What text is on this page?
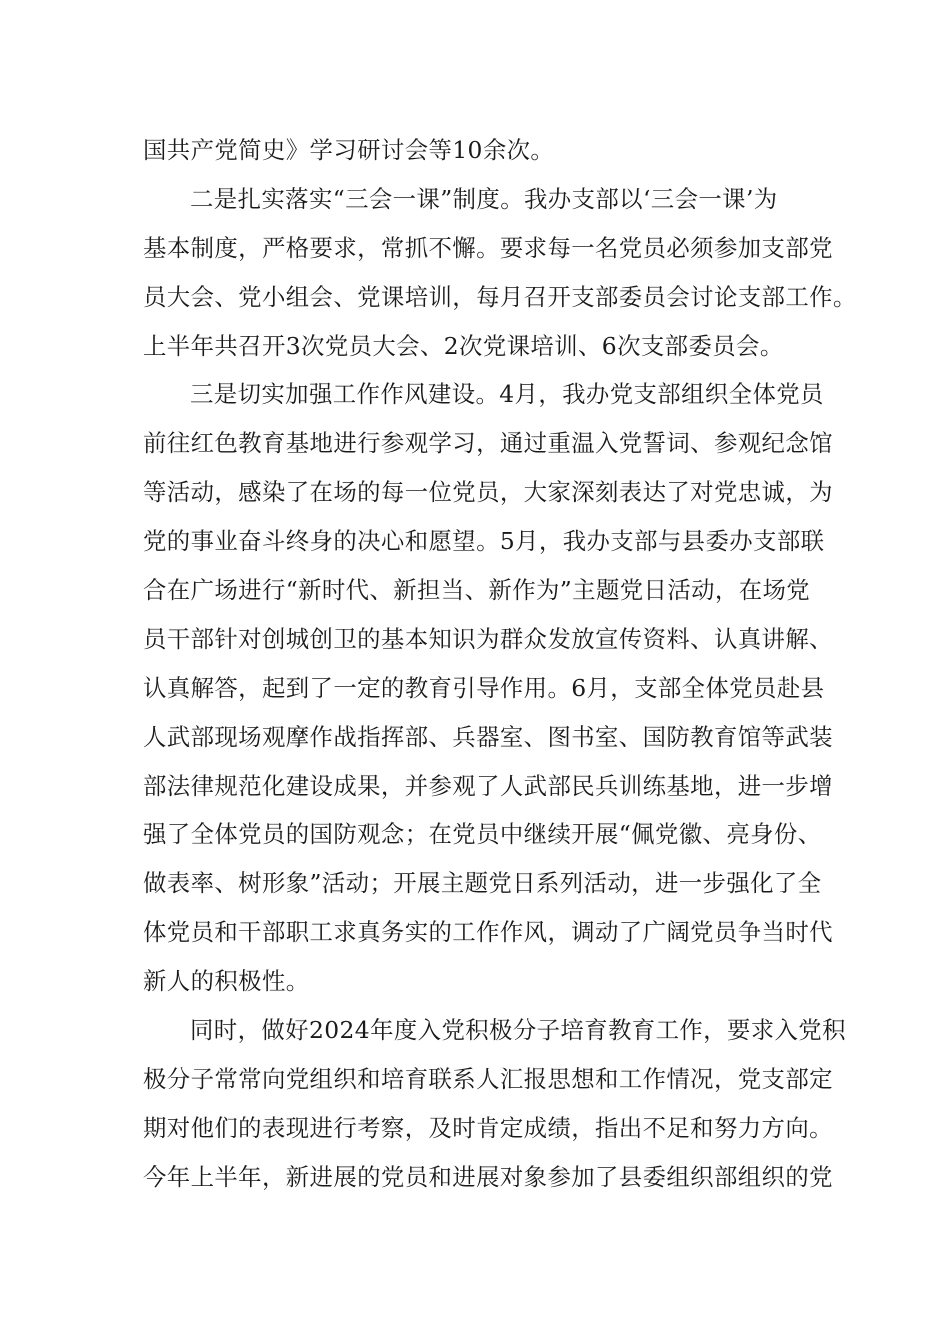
国共产党简史》学习研讨会等10余次。
二是扎实落实“三会一课”制度。我办支部以‘三会一课’为
基本制度，严格要求，常抓不懈。要求每一名党员必须参加支部党
员大会、党小组会、党课培训，每月召开支部委员会讨论支部工作。
上半年共召开3次党员大会、2次党课培训、6次支部委员会。
三是切实加强工作作风建设。4月，我办党支部组织全体党员
前往红色教育基地进行参观学习，通过重温入党誓词、参观纪念馆
等活动，感染了在场的每一位党员，大家深刻表达了对党忠诚，为
党的事业奋斗终身的决心和愿望。5月，我办支部与县委办支部联
合在广场进行“新时代、新担当、新作为”主题党日活动，在场党
员干部针对创城创卫的基本知识为群众发放宣传资料、认真讲解、
认真解答，起到了一定的教育引导作用。6月，支部全体党员赴县
人武部现场观摩作战指挥部、兵器室、图书室、国防教育馆等武装
部法律规范化建设成果，并参观了人武部民兵训练基地，进一步增
强了全体党员的国防观念；在党员中继续开展“佩党徽、亮身份、
做表率、树形象”活动；开展主题党日系列活动，进一步强化了全
体党员和干部职工求真务实的工作作风，调动了广阔党员争当时代
新人的积极性。
同时，做好2024年度入党积极分子培育教育工作，要求入党积
极分子常常向党组织和培育联系人汇报思想和工作情况，党支部定
期对他们的表现进行考察，及时肯定成绩，指出不足和努力方向。
今年上半年，新进展的党员和进展对象参加了县委组织部组织的党
